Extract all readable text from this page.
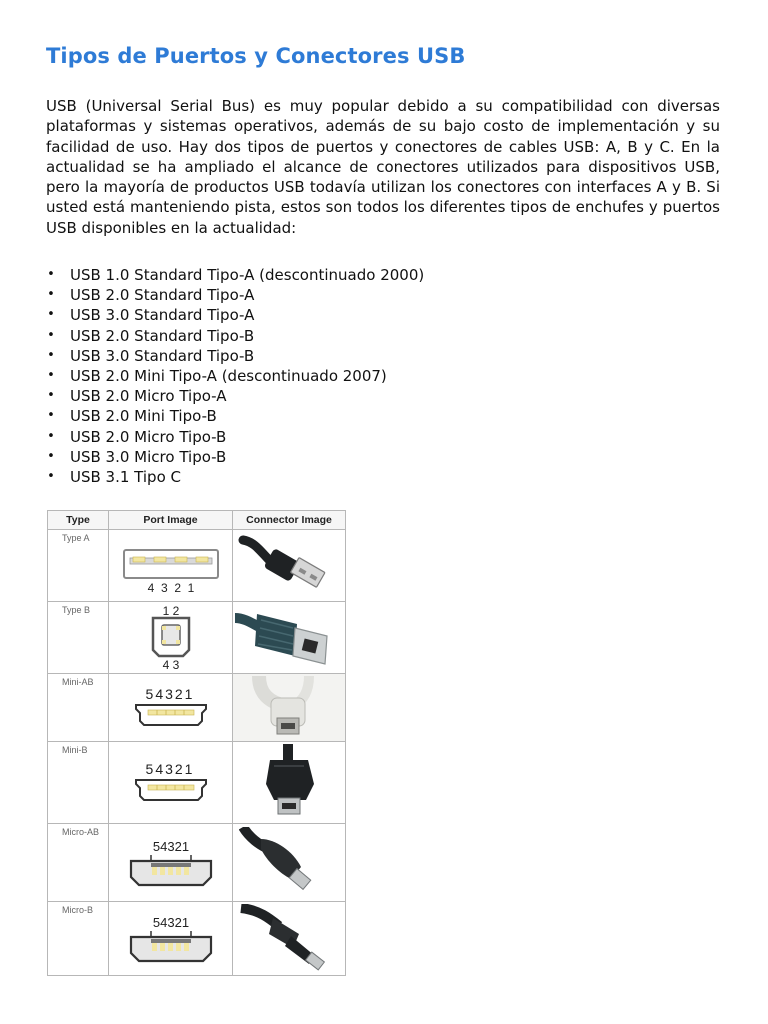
Tipos de Puertos y Conectores USB

USB (Universal Serial Bus) es muy popular debido a su compatibilidad con diversas plataformas y sistemas operativos, además de su bajo costo de implementación y su facilidad de uso. Hay dos tipos de puertos y conectores de cables USB: A, B y C. En la actualidad se ha ampliado el alcance de conectores utilizados para dispositivos USB, pero la mayoría de productos USB todavía utilizan los conectores con interfaces A y B. Si usted está manteniendo pista, estos son todos los diferentes tipos de enchufes y puertos USB disponibles en la actualidad:

• USB 1.0 Standard Tipo-A (descontinuado 2000)
• USB 2.0 Standard Tipo-A
• USB 3.0 Standard Tipo-A
• USB 2.0 Standard Tipo-B
• USB 3.0 Standard Tipo-B
• USB 2.0 Mini Tipo-A (descontinuado 2007)
• USB 2.0 Micro Tipo-A
• USB 2.0 Mini Tipo-B
• USB 2.0 Micro Tipo-B
• USB 3.0 Micro Tipo-B
• USB 3.1 Tipo C
Type	Port Image	Connector Image
Type A	4  3  2  1

Type B	1 2
4 3

Mini-AB	54321

Mini-B	54321

Micro-AB	54321

Micro-B	54321
